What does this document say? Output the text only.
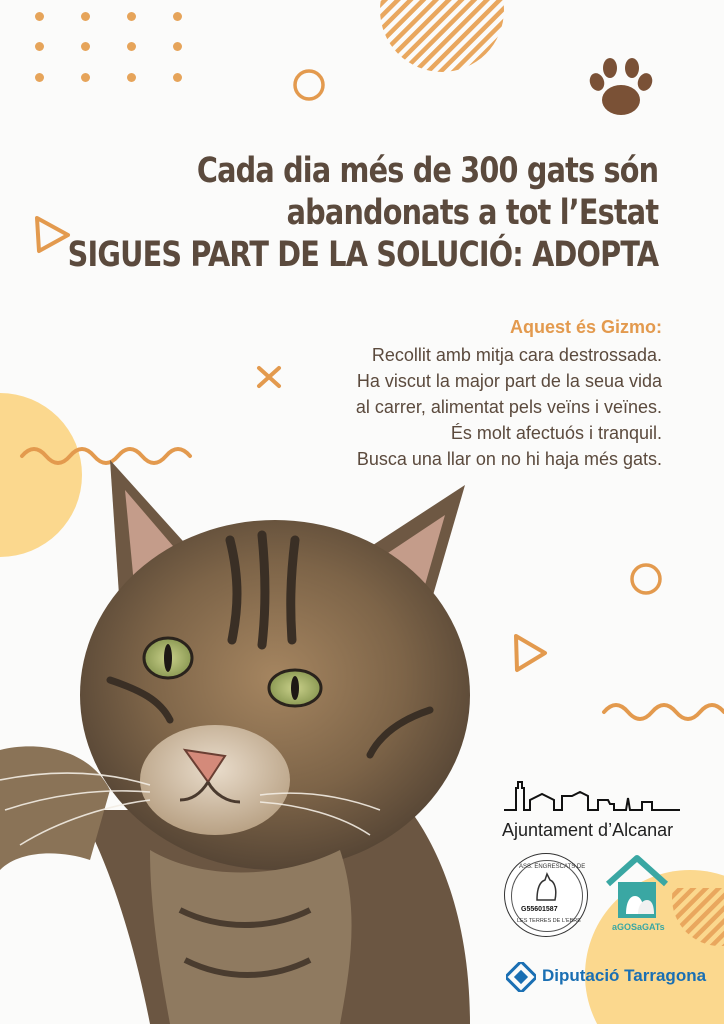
Cada dia més de 300 gats són
abandonats a tot l’Estat
SIGUES PART DE LA SOLUCIÓ: ADOPTA
Aquest és Gizmo:
Recollit amb mitja cara destrossada.
Ha viscut la major part de la seua vida
al carrer, alimentat pels veïns i veïnes.
És molt afectuós i tranquil.
Busca una llar on no hi haja més gats.
Ajuntament d’Alcanar
ASS. ENGRESCATS DE
G55601587
LES TERRES DE L'EBRE
aGOSaGATs
Diputació Tarragona
